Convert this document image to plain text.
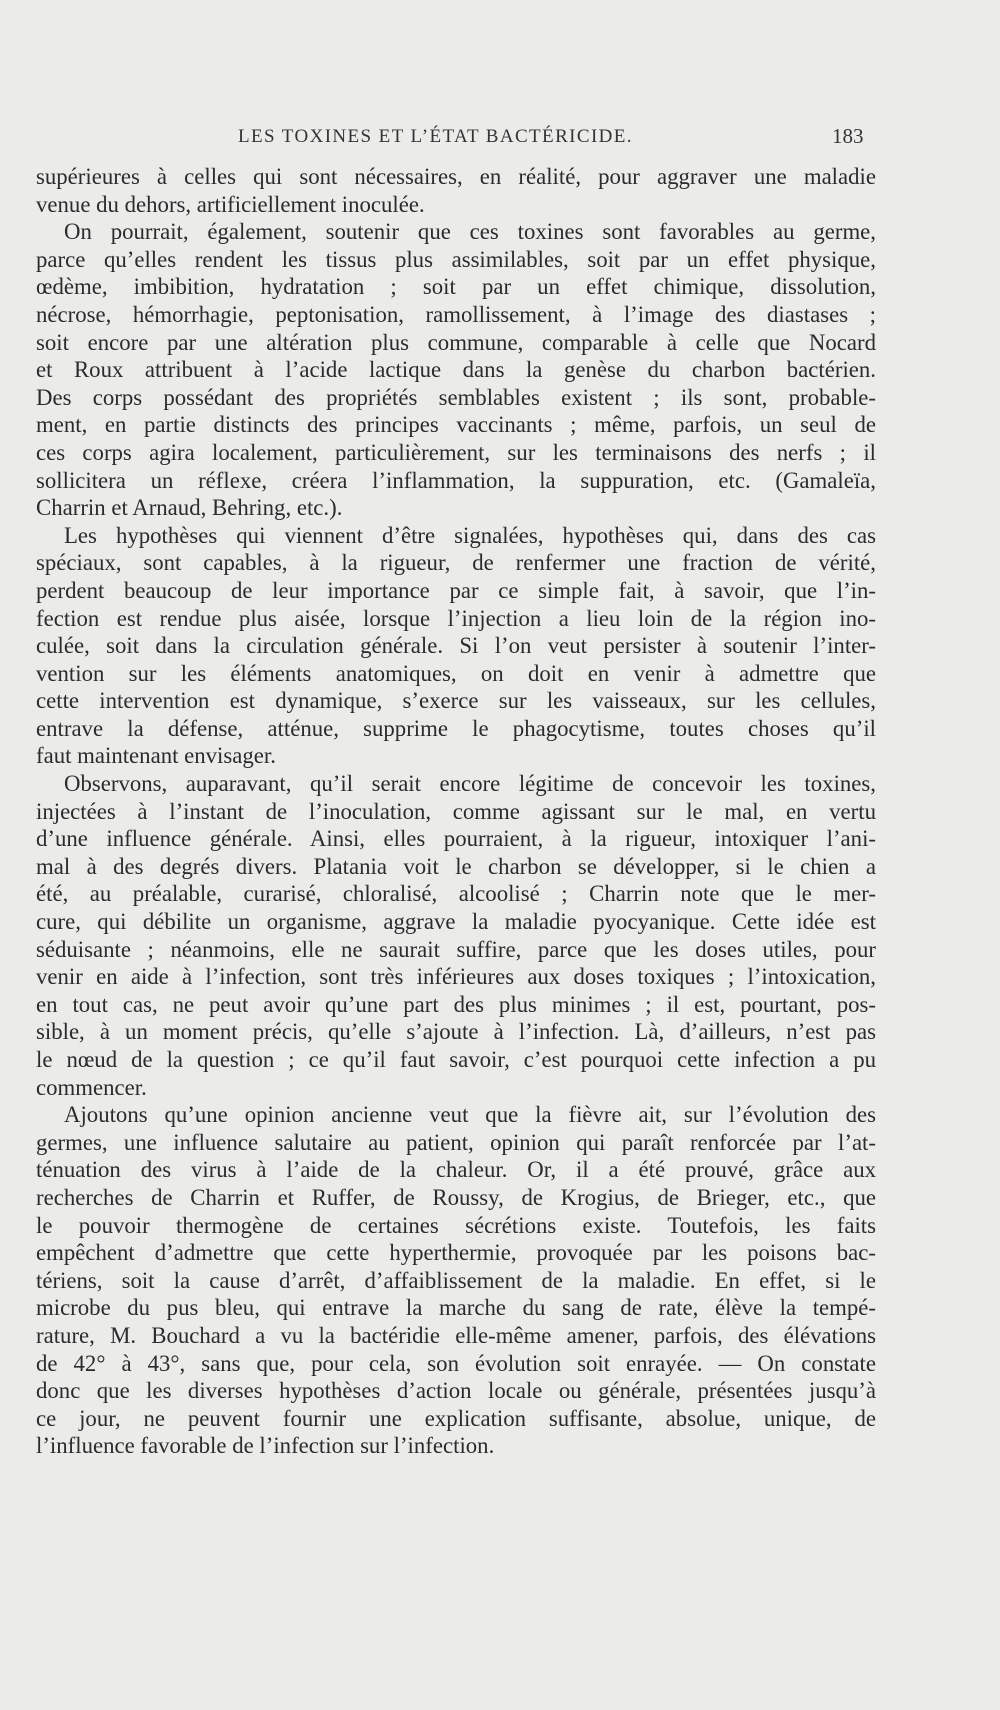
LES TOXINES ET L’ÉTAT BACTÉRICIDE.	183
supérieures à celles qui sont nécessaires, en réalité, pour aggraver une maladie
venue du dehors, artificiellement inoculée.
On pourrait, également, soutenir que ces toxines sont favorables au germe,
parce qu’elles rendent les tissus plus assimilables, soit par un effet physique,
œdème, imbibition, hydratation ; soit par un effet chimique, dissolution,
nécrose, hémorrhagie, peptonisation, ramollissement, à l’image des diastases ;
soit encore par une altération plus commune, comparable à celle que Nocard
et Roux attribuent à l’acide lactique dans la genèse du charbon bactérien.
Des corps possédant des propriétés semblables existent ; ils sont, probable-
ment, en partie distincts des principes vaccinants ; même, parfois, un seul de
ces corps agira localement, particulièrement, sur les terminaisons des nerfs ; il
sollicitera un réflexe, créera l’inflammation, la suppuration, etc. (Gamaleïa,
Charrin et Arnaud, Behring, etc.).
Les hypothèses qui viennent d’être signalées, hypothèses qui, dans des cas
spéciaux, sont capables, à la rigueur, de renfermer une fraction de vérité,
perdent beaucoup de leur importance par ce simple fait, à savoir, que l’in-
fection est rendue plus aisée, lorsque l’injection a lieu loin de la région ino-
culée, soit dans la circulation générale. Si l’on veut persister à soutenir l’inter-
vention sur les éléments anatomiques, on doit en venir à admettre que
cette intervention est dynamique, s’exerce sur les vaisseaux, sur les cellules,
entrave la défense, atténue, supprime le phagocytisme, toutes choses qu’il
faut maintenant envisager.
Observons, auparavant, qu’il serait encore légitime de concevoir les toxines,
injectées à l’instant de l’inoculation, comme agissant sur le mal, en vertu
d’une influence générale. Ainsi, elles pourraient, à la rigueur, intoxiquer l’ani-
mal à des degrés divers. Platania voit le charbon se développer, si le chien a
été, au préalable, curarisé, chloralisé, alcoolisé ; Charrin note que le mer-
cure, qui débilite un organisme, aggrave la maladie pyocyanique. Cette idée est
séduisante ; néanmoins, elle ne saurait suffire, parce que les doses utiles, pour
venir en aide à l’infection, sont très inférieures aux doses toxiques ; l’intoxication,
en tout cas, ne peut avoir qu’une part des plus minimes ; il est, pourtant, pos-
sible, à un moment précis, qu’elle s’ajoute à l’infection. Là, d’ailleurs, n’est pas
le nœud de la question ; ce qu’il faut savoir, c’est pourquoi cette infection a pu
commencer.
Ajoutons qu’une opinion ancienne veut que la fièvre ait, sur l’évolution des
germes, une influence salutaire au patient, opinion qui paraît renforcée par l’at-
ténuation des virus à l’aide de la chaleur. Or, il a été prouvé, grâce aux
recherches de Charrin et Ruffer, de Roussy, de Krogius, de Brieger, etc., que
le pouvoir thermogène de certaines sécrétions existe. Toutefois, les faits
empêchent d’admettre que cette hyperthermie, provoquée par les poisons bac-
tériens, soit la cause d’arrêt, d’affaiblissement de la maladie. En effet, si le
microbe du pus bleu, qui entrave la marche du sang de rate, élève la tempé-
rature, M. Bouchard a vu la bactéridie elle-même amener, parfois, des élévations
de 42° à 43°, sans que, pour cela, son évolution soit enrayée. — On constate
donc que les diverses hypothèses d’action locale ou générale, présentées jusqu’à
ce jour, ne peuvent fournir une explication suffisante, absolue, unique, de
l’influence favorable de l’infection sur l’infection.
